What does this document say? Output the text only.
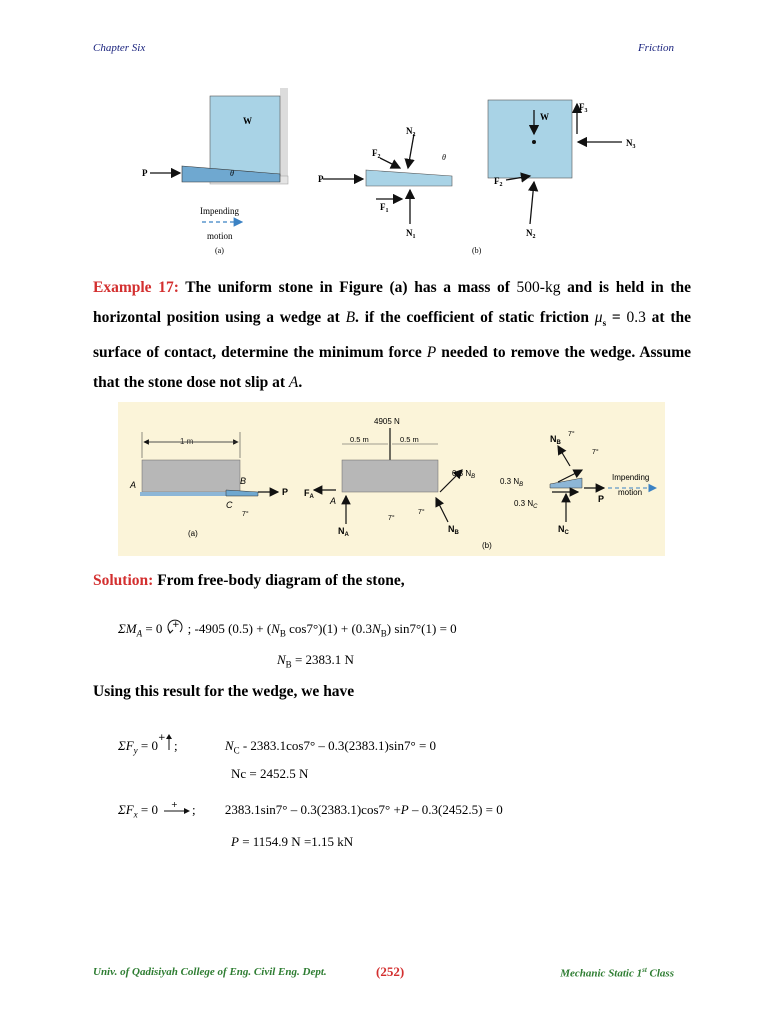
Chapter Six	Friction
W
θ
P
Impending
motion
(a)
P
$N_2$
$F_2$	θ
$N_1$
$F_1$
W
$F_3$
$N_3$
$F_2$
$N_2$
(b)
Example 17: The uniform stone in Figure (a) has a mass of 500-kg and is held in the horizontal position using a wedge at B. if the coefficient of static friction $\mu_s = 0.3$ at the surface of contact, determine the minimum force P needed to remove the wedge. Assume that the stone dose not slip at A.
1 m
P
A	B
C
7°
(a)
4905 N
0.5 m	0.5 m
$F_A$ A
$N_A$
0.3 $N_B$
$N_B$
7°
7°
(b)
$N_B$
7°
7°
0.3 $N_B$
0.3 $N_C$
P
$N_C$
Impending
motion
Solution: From free-body diagram of the stone,
$\Sigma M_A = 0$ + ; -4905 $(0.5) + (N_B$ $\cos 7^\circ)(1) + (0.3N_B) \sin 7^\circ(1) = 0$
$N_B = 2383.1$ N
Using this result for the wedge, we have
$\Sigma F_y = 0$ + ;	$N_C - 2383.1\cos 7^\circ - 0.3(2383.1)\sin 7^\circ = 0$
Nc = 2452.5 N
$\Sigma F_x = 0$ + ; 2383.1sin7° – 0.3(2383.1)cos7° +P – 0.3(2452.5) = 0
P = 1154.9 N =1.15 kN
Univ. of Qadisiyah College of Eng. Civil Eng. Dept.	(252)	Mechanic Static 1st Class
